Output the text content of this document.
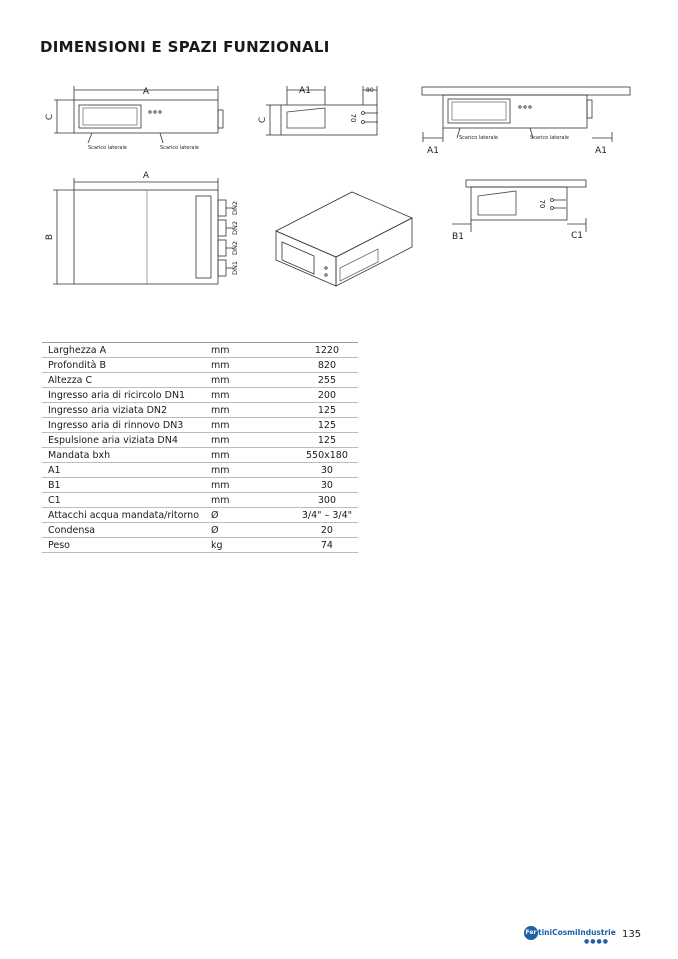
DIMENSIONI E SPAZI FUNZIONALI
A
C
Scarico laterale	Scarico laterale
A1	80
C	70
A1	A1
Scarico laterale	Scarico laterale
A
B
DN2
DN2
DN2
DN1
70
B1	C1
Larghezza A	mm	1220
Profondità B	mm	820
Altezza C	mm	255
Ingresso aria di ricircolo DN1	mm	200
Ingresso aria viziata DN2	mm	125
Ingresso aria di rinnovo DN3	mm	125
Espulsione aria viziata DN4	mm	125
Mandata bxh	mm	550x180
A1	mm	30
B1	mm	30
C1	mm	300
Attacchi acqua mandata/ritorno	Ø	3/4" – 3/4"
Condensa	Ø	20
Peso	kg	74
Fer tiniCosmiIndustrie
●●●●
135
